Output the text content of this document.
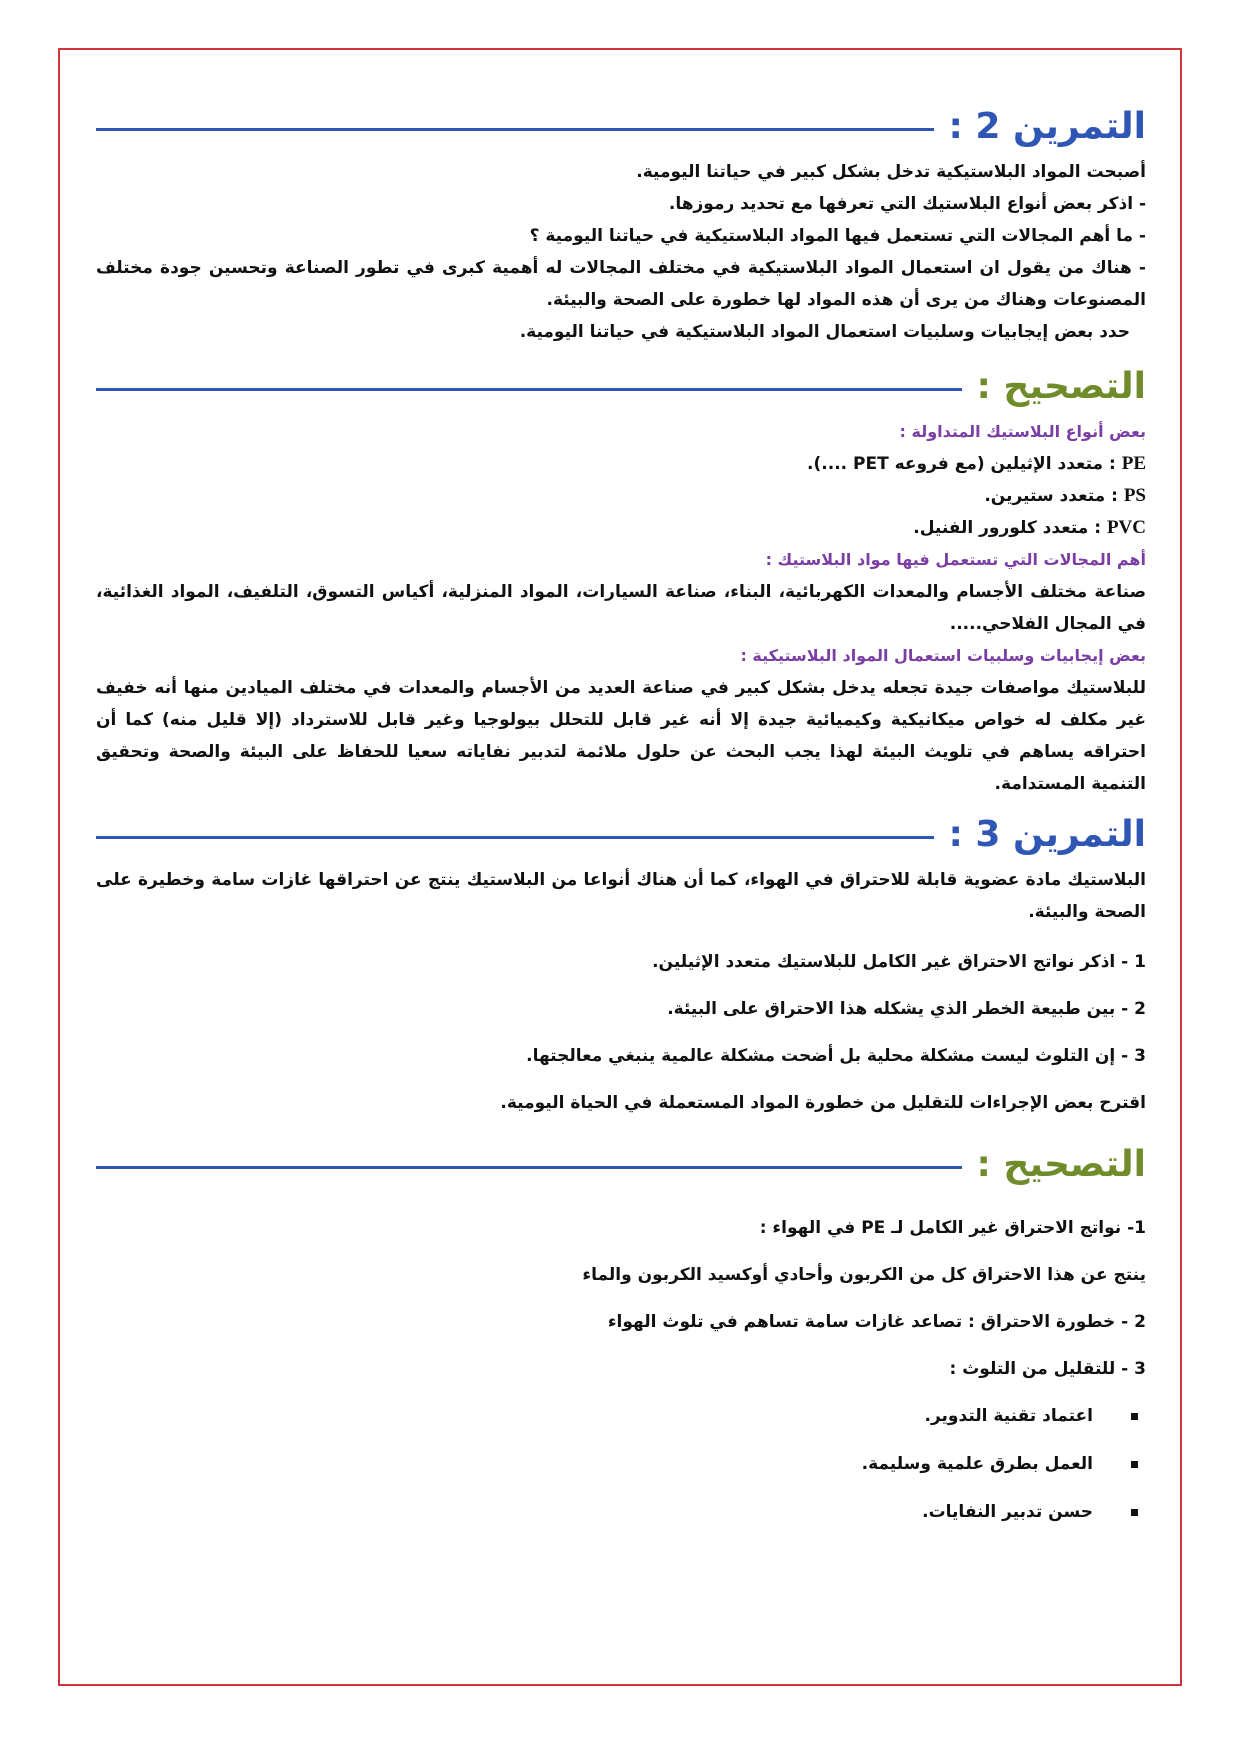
التمرين 2 :

أصبحت المواد البلاستيكية تدخل بشكل كبير في حياتنا اليومية.

- اذكر بعض أنواع البلاستيك التي تعرفها مع تحديد رموزها.

- ما أهم المجالات التي تستعمل فيها المواد البلاستيكية في حياتنا اليومية ؟

- هناك من يقول ان استعمال المواد البلاستيكية في مختلف المجالات له أهمية كبرى في تطور الصناعة وتحسين جودة مختلف المصنوعات وهناك من يرى أن هذه المواد لها خطورة على الصحة والبيئة.

حدد بعض إيجابيات وسلبيات استعمال المواد البلاستيكية في حياتنا اليومية.

التصحيح :

بعض أنواع البلاستيك المتداولة :

PE : متعدد الإثيلين (مع فروعه PET ....).

PS : متعدد ستيرين.

PVC : متعدد كلورور الفنيل.

أهم المجالات التي تستعمل فيها مواد البلاستيك :

صناعة مختلف الأجسام والمعدات الكهربائية، البناء، صناعة السيارات، المواد المنزلية، أكياس التسوق، التلفيف، المواد الغذائية، في المجال الفلاحي.....

بعض إيجابيات وسلبيات استعمال المواد البلاستيكية :

للبلاستيك مواصفات جيدة تجعله يدخل بشكل كبير في صناعة العديد من الأجسام والمعدات في مختلف الميادين منها أنه خفيف غير مكلف له خواص ميكانيكية وكيميائية جيدة إلا أنه غير قابل للتحلل بيولوجيا وغير قابل للاسترداد (إلا قليل منه) كما أن احتراقه يساهم في تلويث البيئة لهذا يجب البحث عن حلول ملائمة لتدبير نفاياته سعيا للحفاظ على البيئة والصحة وتحقيق التنمية المستدامة.

التمرين 3 :

البلاستيك مادة عضوية قابلة للاحتراق في الهواء، كما أن هناك أنواعا من البلاستيك ينتج عن احتراقها غازات سامة وخطيرة على الصحة والبيئة.

1 - اذكر نواتج الاحتراق غير الكامل للبلاستيك متعدد الإثيلين.

2 - بين طبيعة الخطر الذي يشكله هذا الاحتراق على البيئة.

3 - إن التلوث ليست مشكلة محلية بل أضحت مشكلة عالمية ينبغي معالجتها.

اقترح بعض الإجراءات للتقليل من خطورة المواد المستعملة في الحياة اليومية.

التصحيح :

1- نواتج الاحتراق غير الكامل لـ PE في الهواء :

ينتج عن هذا الاحتراق كل من الكربون وأحادي أوكسيد الكربون والماء

2 - خطورة الاحتراق : تصاعد غازات سامة تساهم في تلوث الهواء

3 - للتقليل من التلوث :

اعتماد تقنية التدوير.
العمل بطرق علمية وسليمة.
حسن تدبير النفايات.
